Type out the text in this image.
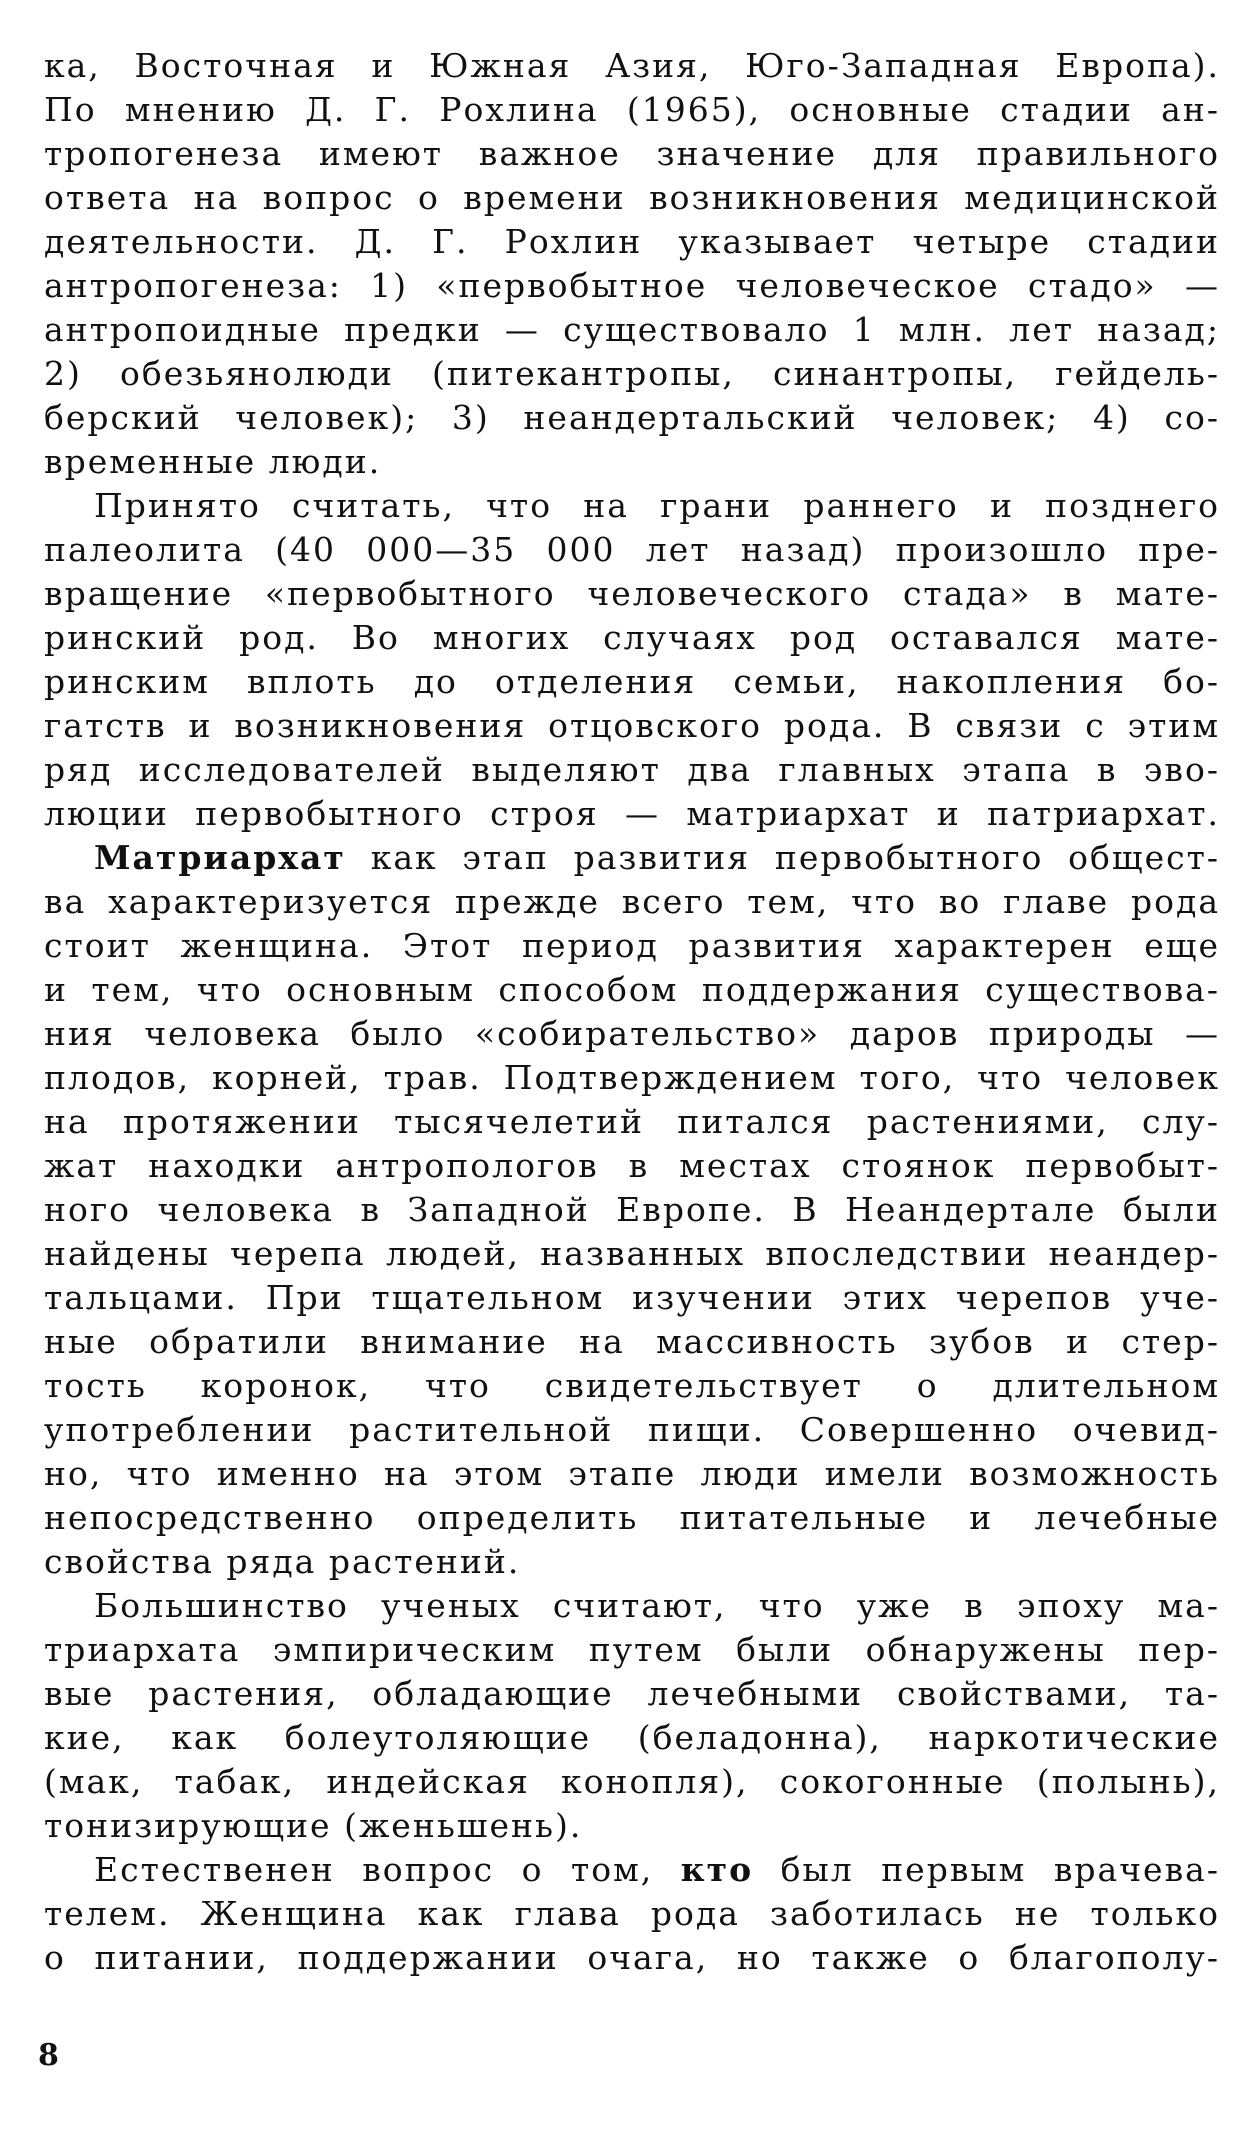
ка, Восточная и Южная Азия, Юго-Западная Европа).
По мнению Д. Г. Рохлина (1965), основные стадии ан-
тропогенеза имеют важное значение для правильного
ответа на вопрос о времени возникновения медицинской
деятельности. Д. Г. Рохлин указывает четыре стадии
антропогенеза: 1) «первобытное человеческое стадо» —
антропоидные предки — существовало 1 млн. лет назад;
2) обезьянолюди (питекантропы, синантропы, гейдель-
берский человек); 3) неандертальский человек; 4) со-
временные люди.
Принято считать, что на грани раннего и позднего
палеолита (40 000—35 000 лет назад) произошло пре-
вращение «первобытного человеческого стада» в мате-
ринский род. Во многих случаях род оставался мате-
ринским вплоть до отделения семьи, накопления бо-
гатств и возникновения отцовского рода. В связи с этим
ряд исследователей выделяют два главных этапа в эво-
люции первобытного строя — матриархат и патриархат.
Матриархат как этап развития первобытного общест-
ва характеризуется прежде всего тем, что во главе рода
стоит женщина. Этот период развития характерен еще
и тем, что основным способом поддержания существова-
ния человека было «собирательство» даров природы —
плодов, корней, трав. Подтверждением того, что человек
на протяжении тысячелетий питался растениями, слу-
жат находки антропологов в местах стоянок первобыт-
ного человека в Западной Европе. В Неандертале были
найдены черепа людей, названных впоследствии неандер-
тальцами. При тщательном изучении этих черепов уче-
ные обратили внимание на массивность зубов и стер-
тость коронок, что свидетельствует о длительном
употреблении растительной пищи. Совершенно очевид-
но, что именно на этом этапе люди имели возможность
непосредственно определить питательные и лечебные
свойства ряда растений.
Большинство ученых считают, что уже в эпоху ма-
триархата эмпирическим путем были обнаружены пер-
вые растения, обладающие лечебными свойствами, та-
кие, как болеутоляющие (беладонна), наркотические
(мак, табак, индейская конопля), сокогонные (полынь),
тонизирующие (женьшень).
Естественен вопрос о том, кто был первым врачева-
телем. Женщина как глава рода заботилась не только
о питании, поддержании очага, но также о благополу-
8
